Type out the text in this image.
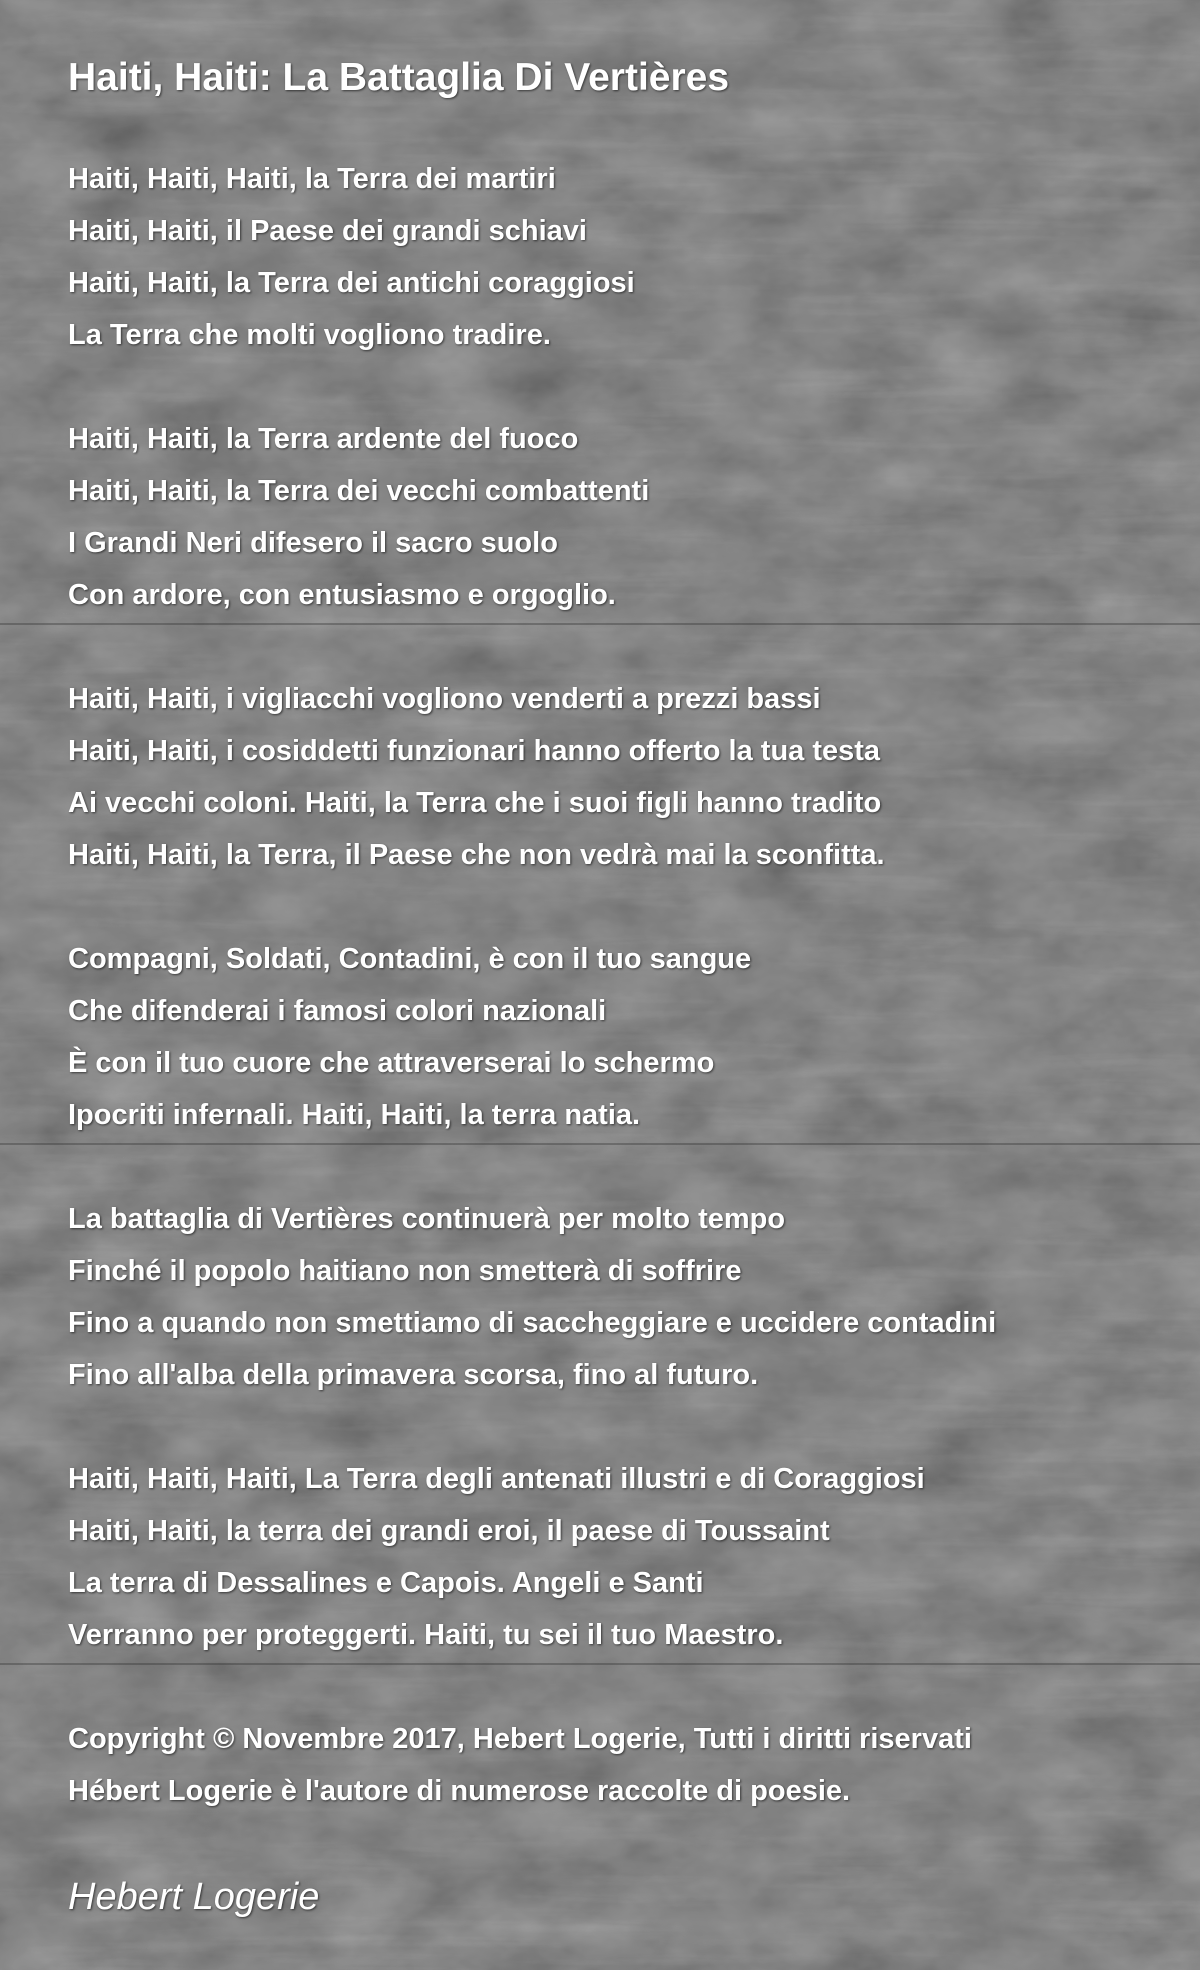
Haiti, Haiti: La Battaglia Di Vertières
Haiti, Haiti, Haiti, la Terra dei martiri
Haiti, Haiti, il Paese dei grandi schiavi
Haiti, Haiti, la Terra dei antichi coraggiosi
La Terra che molti vogliono tradire.
Haiti, Haiti, la Terra ardente del fuoco
Haiti, Haiti, la Terra dei vecchi combattenti
I Grandi Neri difesero il sacro suolo
Con ardore, con entusiasmo e orgoglio.
Haiti, Haiti, i vigliacchi vogliono venderti a prezzi bassi
Haiti, Haiti, i cosiddetti funzionari hanno offerto la tua testa
Ai vecchi coloni. Haiti, la Terra che i suoi figli hanno tradito
Haiti, Haiti, la Terra, il Paese che non vedrà mai la sconfitta.
Compagni, Soldati, Contadini, è con il tuo sangue
Che difenderai i famosi colori nazionali
È con il tuo cuore che attraverserai lo schermo
Ipocriti infernali. Haiti, Haiti, la terra natia.
La battaglia di Vertières continuerà per molto tempo
Finché il popolo haitiano non smetterà di soffrire
Fino a quando non smettiamo di saccheggiare e uccidere contadini
Fino all'alba della primavera scorsa, fino al futuro.
Haiti, Haiti, Haiti, La Terra degli antenati illustri e di Coraggiosi
Haiti, Haiti, la terra dei grandi eroi, il paese di Toussaint
La terra di Dessalines e Capois. Angeli e Santi
Verranno per proteggerti. Haiti, tu sei il tuo Maestro.
Copyright © Novembre 2017, Hebert Logerie, Tutti i diritti riservati
Hébert Logerie è l'autore di numerose raccolte di poesie.
Hebert Logerie
